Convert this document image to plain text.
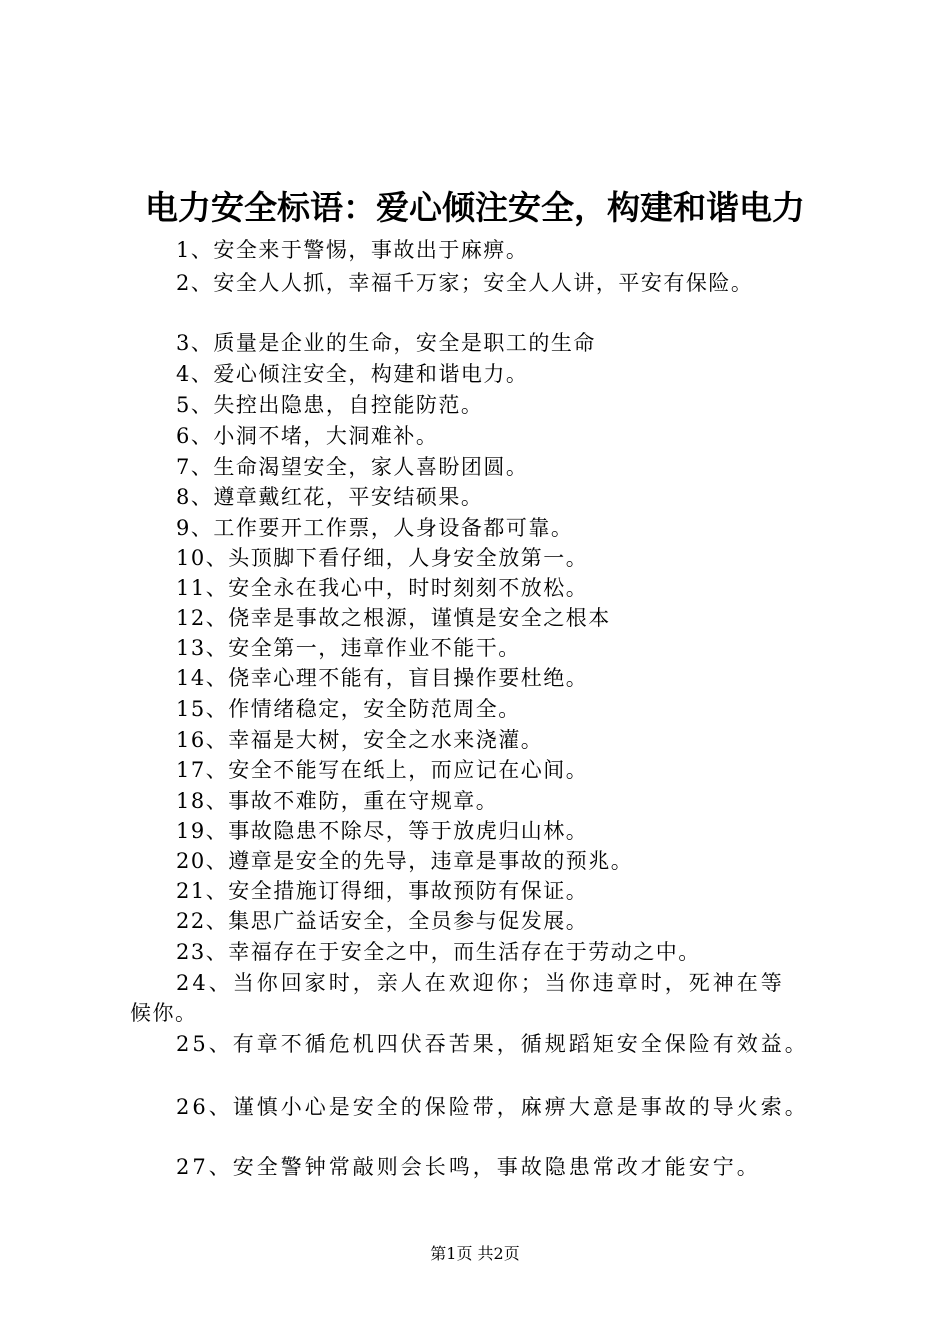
电力安全标语：爱心倾注安全，构建和谐电力
1、安全来于警惕，事故出于麻痹。
2、安全人人抓，幸福千万家；安全人人讲，平安有保险。
3、质量是企业的生命，安全是职工的生命
4、爱心倾注安全，构建和谐电力。
5、失控出隐患，自控能防范。
6、小洞不堵，大洞难补。
7、生命渴望安全，家人喜盼团圆。
8、遵章戴红花，平安结硕果。
9、工作要开工作票，人身设备都可靠。
10、头顶脚下看仔细，人身安全放第一。
11、安全永在我心中，时时刻刻不放松。
12、侥幸是事故之根源，谨慎是安全之根本
13、安全第一，违章作业不能干。
14、侥幸心理不能有，盲目操作要杜绝。
15、作情绪稳定，安全防范周全。
16、幸福是大树，安全之水来浇灌。
17、安全不能写在纸上，而应记在心间。
18、事故不难防，重在守规章。
19、事故隐患不除尽，等于放虎归山林。
20、遵章是安全的先导，违章是事故的预兆。
21、安全措施订得细，事故预防有保证。
22、集思广益话安全，全员参与促发展。
23、幸福存在于安全之中，而生活存在于劳动之中。
24、当你回家时，亲人在欢迎你；当你违章时，死神在等
候你。
25、有章不循危机四伏吞苦果，循规蹈矩安全保险有效益。
26、谨慎小心是安全的保险带，麻痹大意是事故的导火索。
27、安全警钟常敲则会长鸣，事故隐患常改才能安宁。
第1页 共2页
